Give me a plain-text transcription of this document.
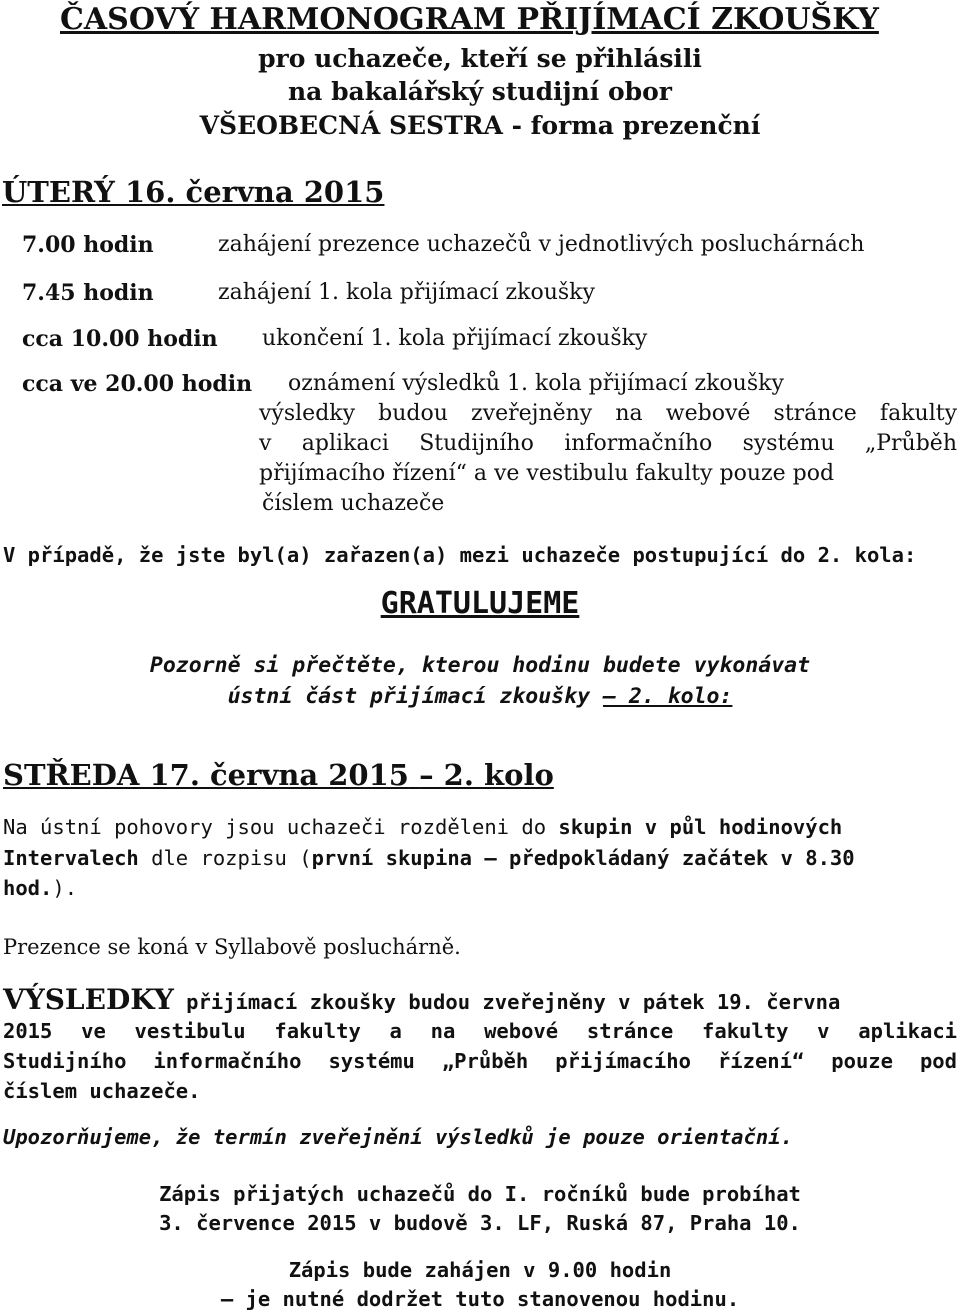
ČASOVÝ HARMONOGRAM PŘIJÍMACÍ ZKOUŠKY
pro uchazeče, kteří se přihlásili
na bakalářský studijní obor
VŠEOBECNÁ SESTRA - forma prezenční
ÚTERÝ 16. června 2015
7.00 hodin	zahájení prezence uchazečů v jednotlivých posluchárnách
7.45 hodin	zahájení 1. kola přijímací zkoušky
cca 10.00 hodin ukončení 1. kola přijímací zkoušky
cca ve 20.00 hodin oznámení výsledků 1. kola přijímací zkoušky
výsledky budou zveřejněny na webové stránce fakulty
v aplikaci Studijního informačního systému „Průběh
přijímacího řízení“ a ve vestibulu fakulty pouze pod
číslem uchazeče
V případě, že jste byl(a) zařazen(a) mezi uchazeče postupující do 2. kola:
GRATULUJEME
Pozorně si přečtěte, kterou hodinu budete vykonávat
ústní část přijímací zkoušky – 2. kolo:
STŘEDA 17. června 2015 – 2. kolo
Na ústní pohovory jsou uchazeči rozděleni do skupin v půl hodinových
Intervalech dle rozpisu (první skupina – předpokládaný začátek v 8.30
hod.).
Prezence se koná v Syllabově posluchárně.
VÝSLEDKY přijímací zkoušky budou zveřejněny v pátek 19. června
2015 ve vestibulu fakulty a na webové stránce fakulty v aplikaci
Studijního informačního systému „Průběh přijímacího řízení“ pouze pod
číslem uchazeče.
Upozorňujeme, že termín zveřejnění výsledků je pouze orientační.
Zápis přijatých uchazečů do I. ročníků bude probíhat
3. července 2015 v budově 3. LF, Ruská 87, Praha 10.
Zápis bude zahájen v 9.00 hodin
– je nutné dodržet tuto stanovenou hodinu.
